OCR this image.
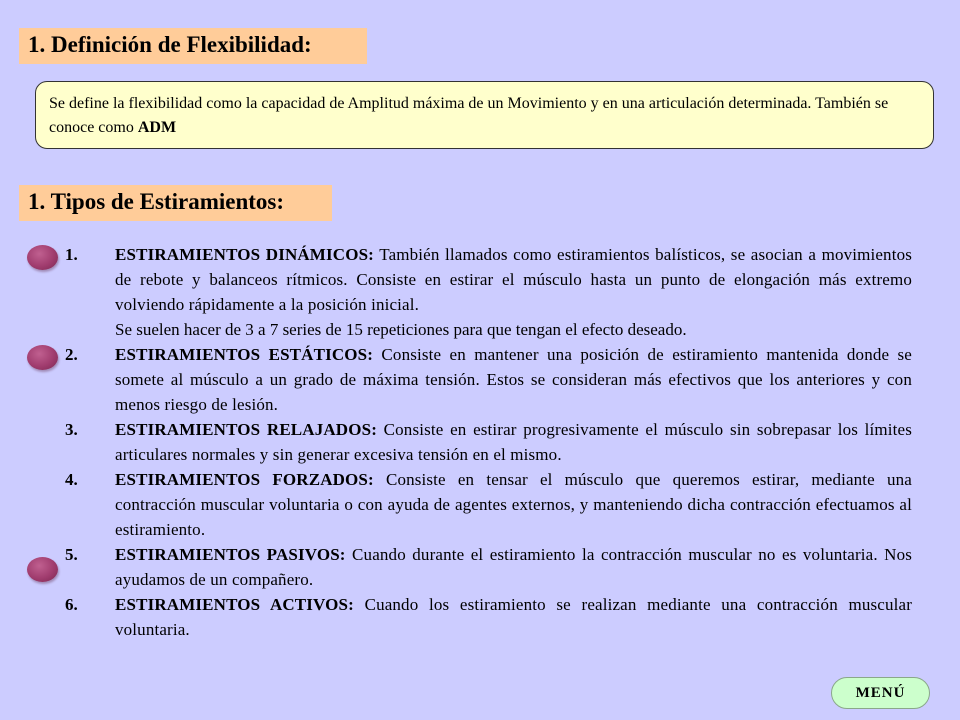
1. Definición de Flexibilidad:
Se define la flexibilidad como la capacidad de Amplitud máxima de un Movimiento y en una articulación determinada. También se conoce como ADM
1. Tipos de Estiramientos:
1.	ESTIRAMIENTOS DINÁMICOS: También llamados como estiramientos balísticos, se asocian a movimientos de rebote y balanceos rítmicos. Consiste en estirar el músculo hasta un punto de elongación más extremo volviendo rápidamente a la posición inicial.
Se suelen hacer de 3 a 7 series de 15 repeticiones para que tengan el efecto deseado.
2.	ESTIRAMIENTOS ESTÁTICOS: Consiste en mantener una posición de estiramiento mantenida donde se somete al músculo a un grado de máxima tensión. Estos se consideran más efectivos que los anteriores y con menos riesgo de lesión.
3.	ESTIRAMIENTOS RELAJADOS: Consiste en estirar progresivamente el músculo sin sobrepasar los límites articulares normales y sin generar excesiva tensión en el mismo.
4.	ESTIRAMIENTOS FORZADOS: Consiste en tensar el músculo que queremos estirar, mediante una contracción muscular voluntaria o con ayuda de agentes externos, y manteniendo dicha contracción efectuamos al estiramiento.
5.	ESTIRAMIENTOS PASIVOS: Cuando durante el estiramiento la contracción muscular no es voluntaria. Nos ayudamos de un compañero.
6.	ESTIRAMIENTOS ACTIVOS: Cuando los estiramiento se realizan mediante una contracción muscular voluntaria.
MENÚ
